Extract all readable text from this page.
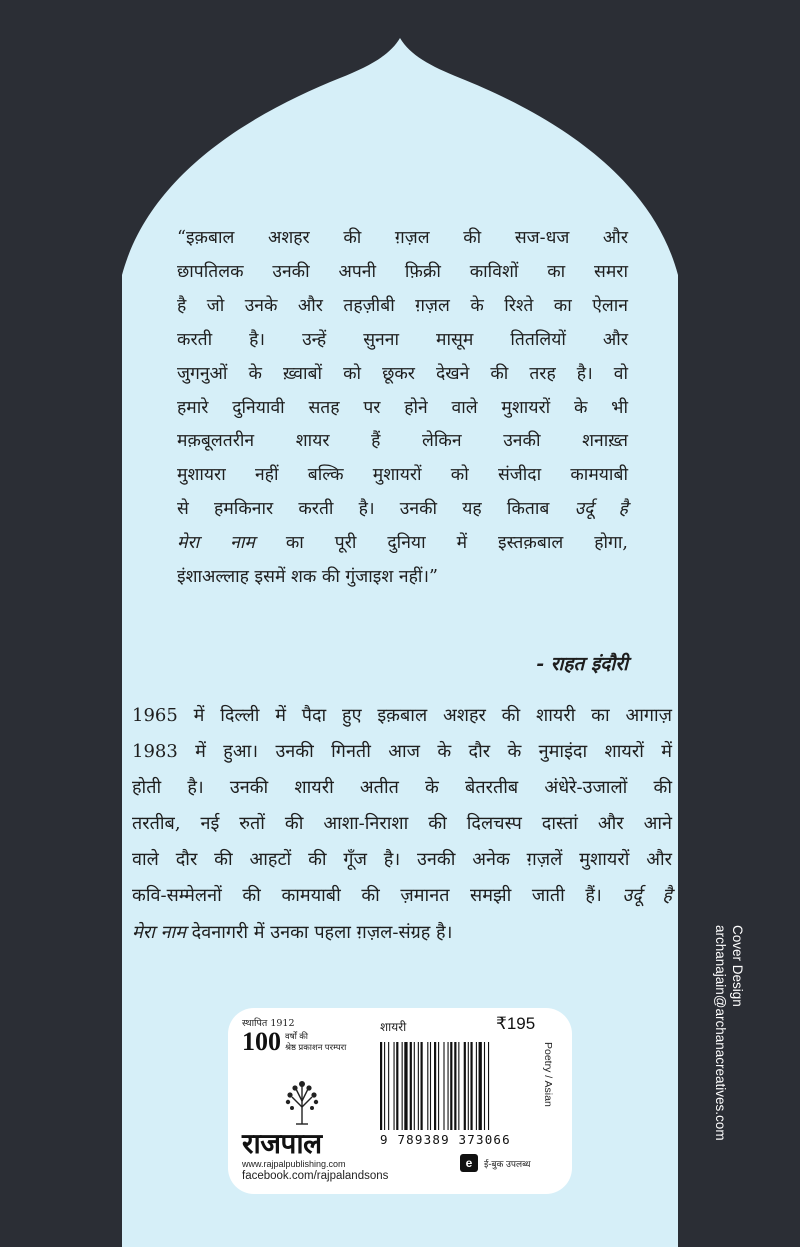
“इक़बाल अशहर की ग़ज़ल की सज-धज और
छापतिलक उनकी अपनी फ़िक्री काविशों का समरा
है जो उनके और तहज़ीबी ग़ज़ल के रिश्ते का ऐलान
करती है। उन्हें सुनना मासूम तितलियों और
जुगनुओं के ख़्वाबों को छूकर देखने की तरह है। वो
हमारे दुनियावी सतह पर होने वाले मुशायरों के भी
मक़बूलतरीन शायर हैं लेकिन उनकी शनाख़्त
मुशायरा नहीं बल्कि मुशायरों को संजीदा कामयाबी
से हमकिनार करती है। उनकी यह किताब उर्दू है
मेरा नाम का पूरी दुनिया में इस्तक़बाल होगा,
इंशाअल्लाह इसमें शक की गुंजाइश नहीं।”
- राहत इंदौरी
1965 में दिल्ली में पैदा हुए इक़बाल अशहर की शायरी का आगाज़
1983 में हुआ। उनकी गिनती आज के दौर के नुमाइंदा शायरों में
होती है। उनकी शायरी अतीत के बेतरतीब अंधेरे-उजालों की
तरतीब, नई रुतों की आशा-निराशा की दिलचस्प दास्तां और आने
वाले दौर की आहटों की गूँज है। उनकी अनेक ग़ज़लें मुशायरों और
कवि-सम्मेलनों की कामयाबी की ज़मानत समझी जाती हैं। उर्दू है
मेरा नाम देवनागरी में उनका पहला ग़ज़ल-संग्रह है।	Cover Design
archanajain@archanacreatives.com
स्थापित 1912
100 वर्षों की
श्रेष्ठ प्रकाशन परम्परा
राजपाल
www.rajpalpublishing.com
facebook.com/rajpalandsons
शायरी	₹195
9 789389 373066
e	ई-बुक उपलब्ध
Poetry / Asian
